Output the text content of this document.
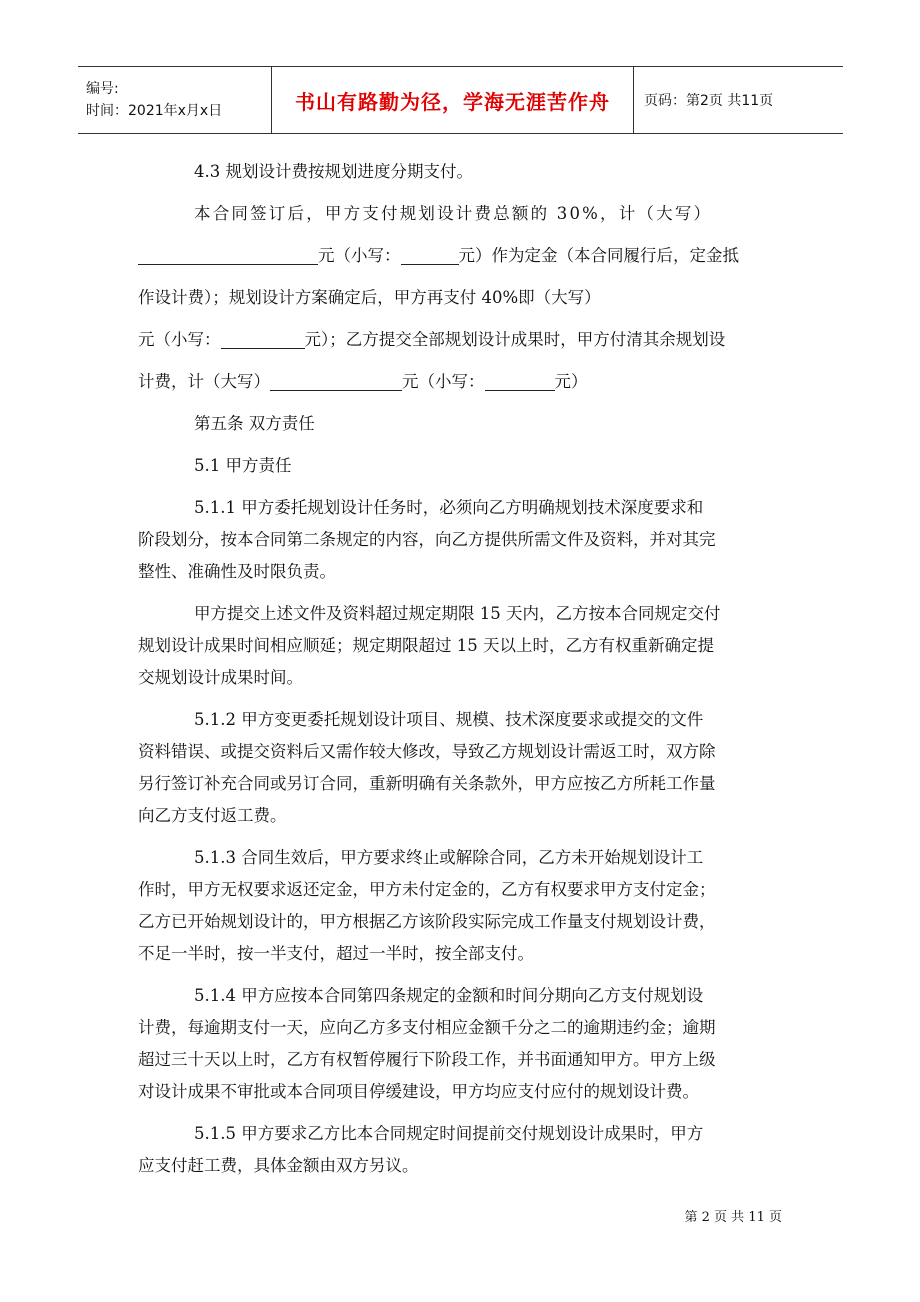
编号:
时间：2021年x月x日	书山有路勤为径，学海无涯苦作舟 页码：第2页 共11页
4.3 规划设计费按规划进度分期支付。
本合同签订后，甲方支付规划设计费总额的 30%，计（大写）
元（小写：	元）作为定金（本合同履行后，定金抵
作设计费）；规划设计方案确定后，甲方再支付 40%即（大写）
元（小写：	元）；乙方提交全部规划设计成果时，甲方付清其余规划设
计费，计（大写）	元（小写：	元）
第五条 双方责任
5.1 甲方责任
5.1.1 甲方委托规划设计任务时，必须向乙方明确规划技术深度要求和
阶段划分，按本合同第二条规定的内容，向乙方提供所需文件及资料，并对其完
整性、准确性及时限负责。
甲方提交上述文件及资料超过规定期限 15 天内，乙方按本合同规定交付
规划设计成果时间相应顺延；规定期限超过 15 天以上时，乙方有权重新确定提
交规划设计成果时间。
5.1.2 甲方变更委托规划设计项目、规模、技术深度要求或提交的文件
资料错误、或提交资料后又需作较大修改，导致乙方规划设计需返工时，双方除
另行签订补充合同或另订合同，重新明确有关条款外，甲方应按乙方所耗工作量
向乙方支付返工费。
5.1.3 合同生效后，甲方要求终止或解除合同，乙方未开始规划设计工
作时，甲方无权要求返还定金，甲方未付定金的，乙方有权要求甲方支付定金；
乙方已开始规划设计的，甲方根据乙方该阶段实际完成工作量支付规划设计费，
不足一半时，按一半支付，超过一半时，按全部支付。
5.1.4 甲方应按本合同第四条规定的金额和时间分期向乙方支付规划设
计费，每逾期支付一天，应向乙方多支付相应金额千分之二的逾期违约金；逾期
超过三十天以上时，乙方有权暂停履行下阶段工作，并书面通知甲方。甲方上级
对设计成果不审批或本合同项目停缓建设，甲方均应支付应付的规划设计费。
5.1.5 甲方要求乙方比本合同规定时间提前交付规划设计成果时，甲方
应支付赶工费，具体金额由双方另议。
第 2 页 共 11 页
